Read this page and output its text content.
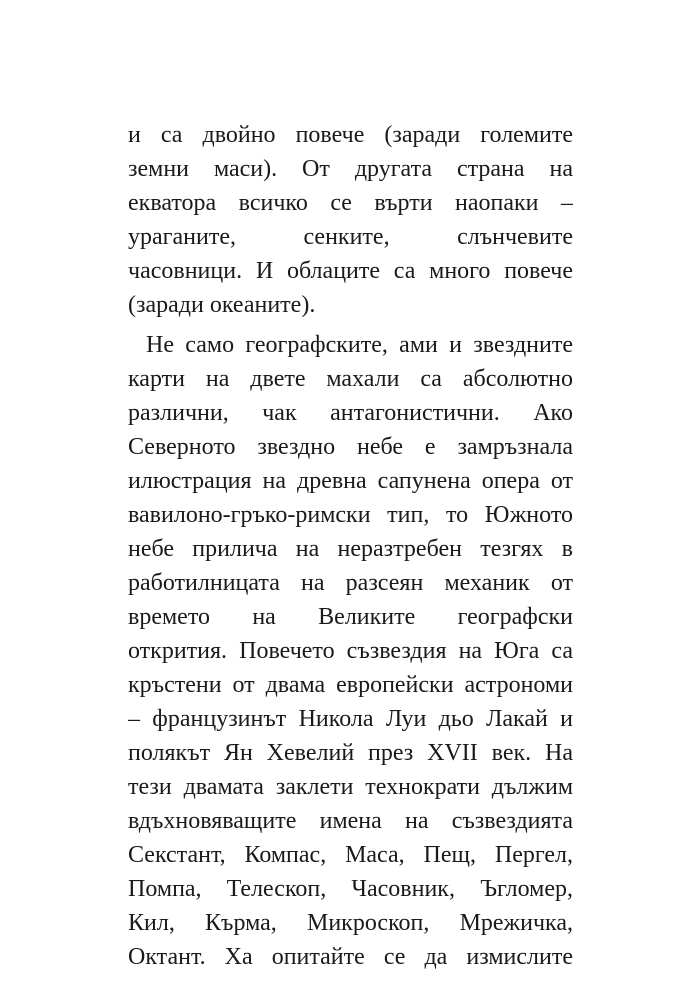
и са двойно повече (заради големите
земни маси). От другата страна на
екватора всичко се върти наопаки –
ураганите, сенките, слънчевите
часовници. И облаците са много повече
(заради океаните).

Не само географските, ами и звездните
карти на двете махали са абсолютно
различни, чак антагонистични. Ако
Северното звездно небе е замръзнала
илюстрация на древна сапунена опера от
вавилоно-гръко-римски тип, то Южното
небе прилича на неразтребен тезгях в
работилницата на разсеян механик от
времето на Великите географски
открития. Повечето съзвездия на Юга са
кръстени от двама европейски астрономи
– французинът Никола Луи дьо Лакай и
полякът Ян Хевелий през XVII век. На
тези двамата заклети технократи дължим
вдъхновяващите имена на съзвездията
Секстант, Компас, Маса, Пещ, Пергел,
Помпа, Телескоп, Часовник, Ъгломер,
Кил, Кърма, Микроскоп, Мрежичка,
Октант. Ха опитайте се да измислите
